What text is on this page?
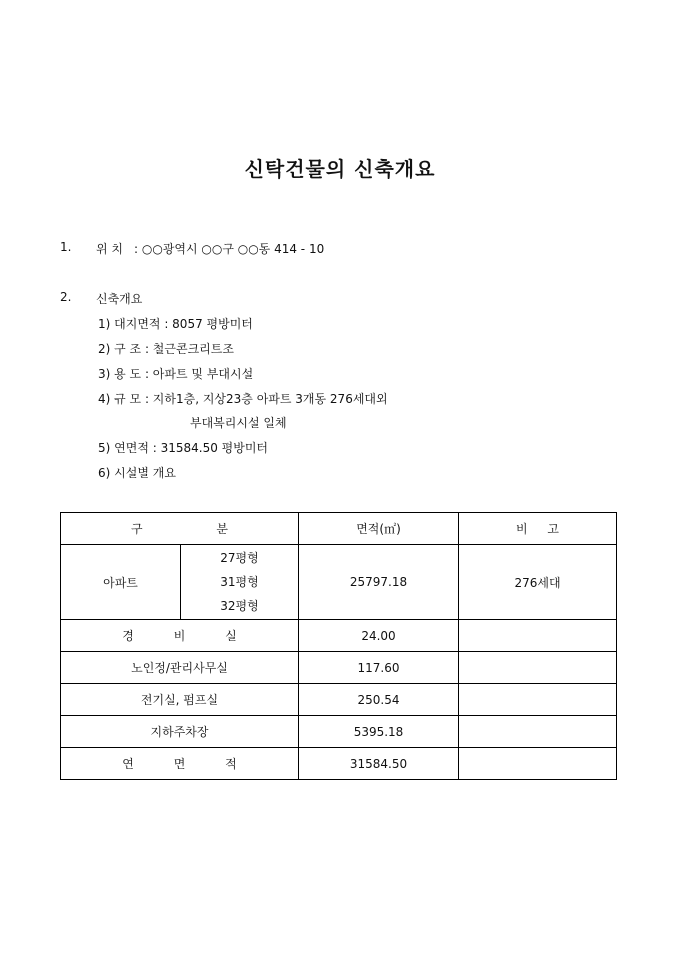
신탁건물의 신축개요
1. 위 치 : ○○광역시 ○○구 ○○동 414 - 10
2. 신축개요
1) 대지면적 : 8057 평방미터
2) 구 조 : 철근콘크리트조
3) 용 도 : 아파트 및 부대시설
4) 규 모 : 지하1층, 지상23층 아파트 3개동 276세대외
부대복리시설 일체
5) 연면적 : 31584.50 평방미터
6) 시설별 개요
구 분		면적(㎡)	비 고
아파트	27평형
31평형
32평형	25797.18	276세대
경 비 실		24.00	
노인정/관리사무실		117.60	
전기실, 펌프실		250.54	
지하주차장		5395.18	
연 면 적		31584.50	
